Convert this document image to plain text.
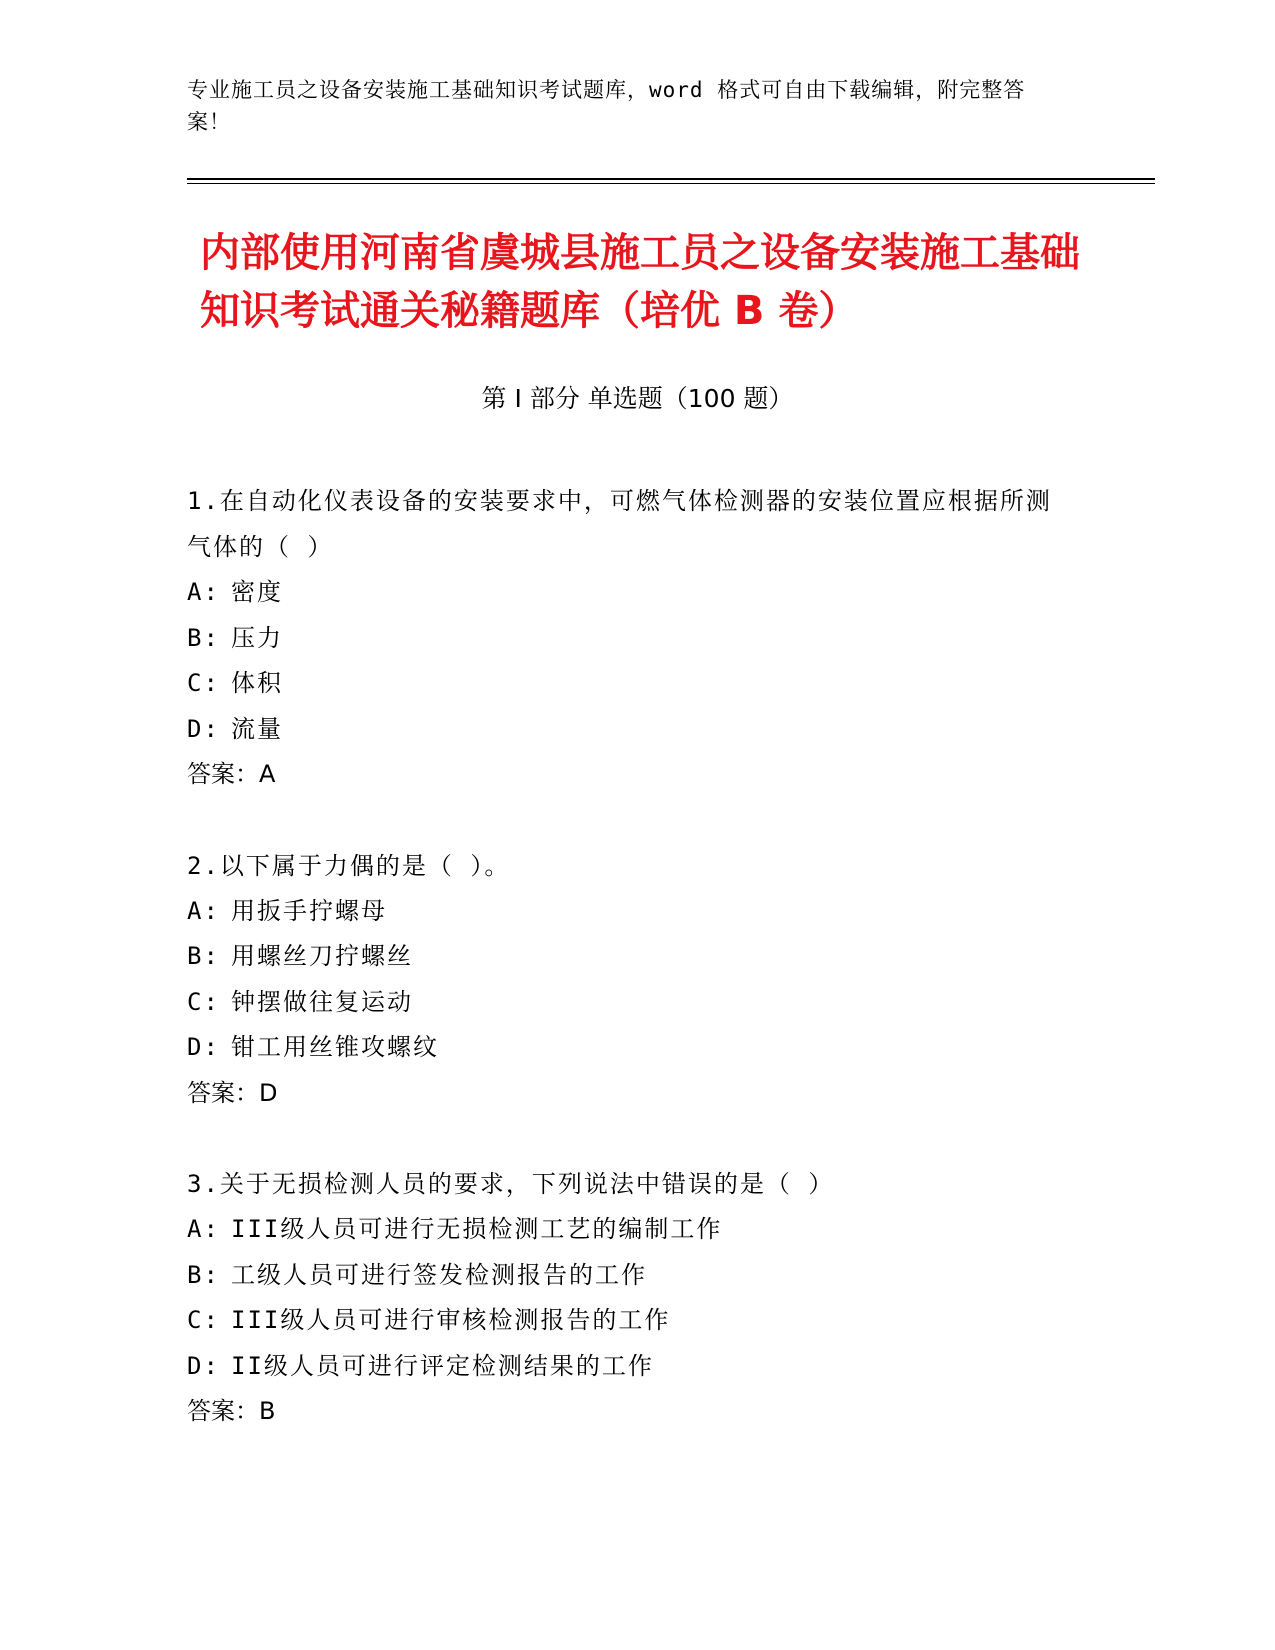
专业施工员之设备安装施工基础知识考试题库，word 格式可自由下载编辑，附完整答案！
内部使用河南省虞城县施工员之设备安装施工基础知识考试通关秘籍题库（培优 B 卷）
第 I 部分 单选题（100 题）
1.在自动化仪表设备的安装要求中，可燃气体检测器的安装位置应根据所测气体的（ ）
A: 密度
B: 压力
C: 体积
D: 流量
答案：A
2.以下属于力偶的是（ ）。
A: 用扳手拧螺母
B: 用螺丝刀拧螺丝
C: 钟摆做往复运动
D: 钳工用丝锥攻螺纹
答案：D
3.关于无损检测人员的要求，下列说法中错误的是（ ）
A: III级人员可进行无损检测工艺的编制工作
B: 工级人员可进行签发检测报告的工作
C: III级人员可进行审核检测报告的工作
D: II级人员可进行评定检测结果的工作
答案：B
